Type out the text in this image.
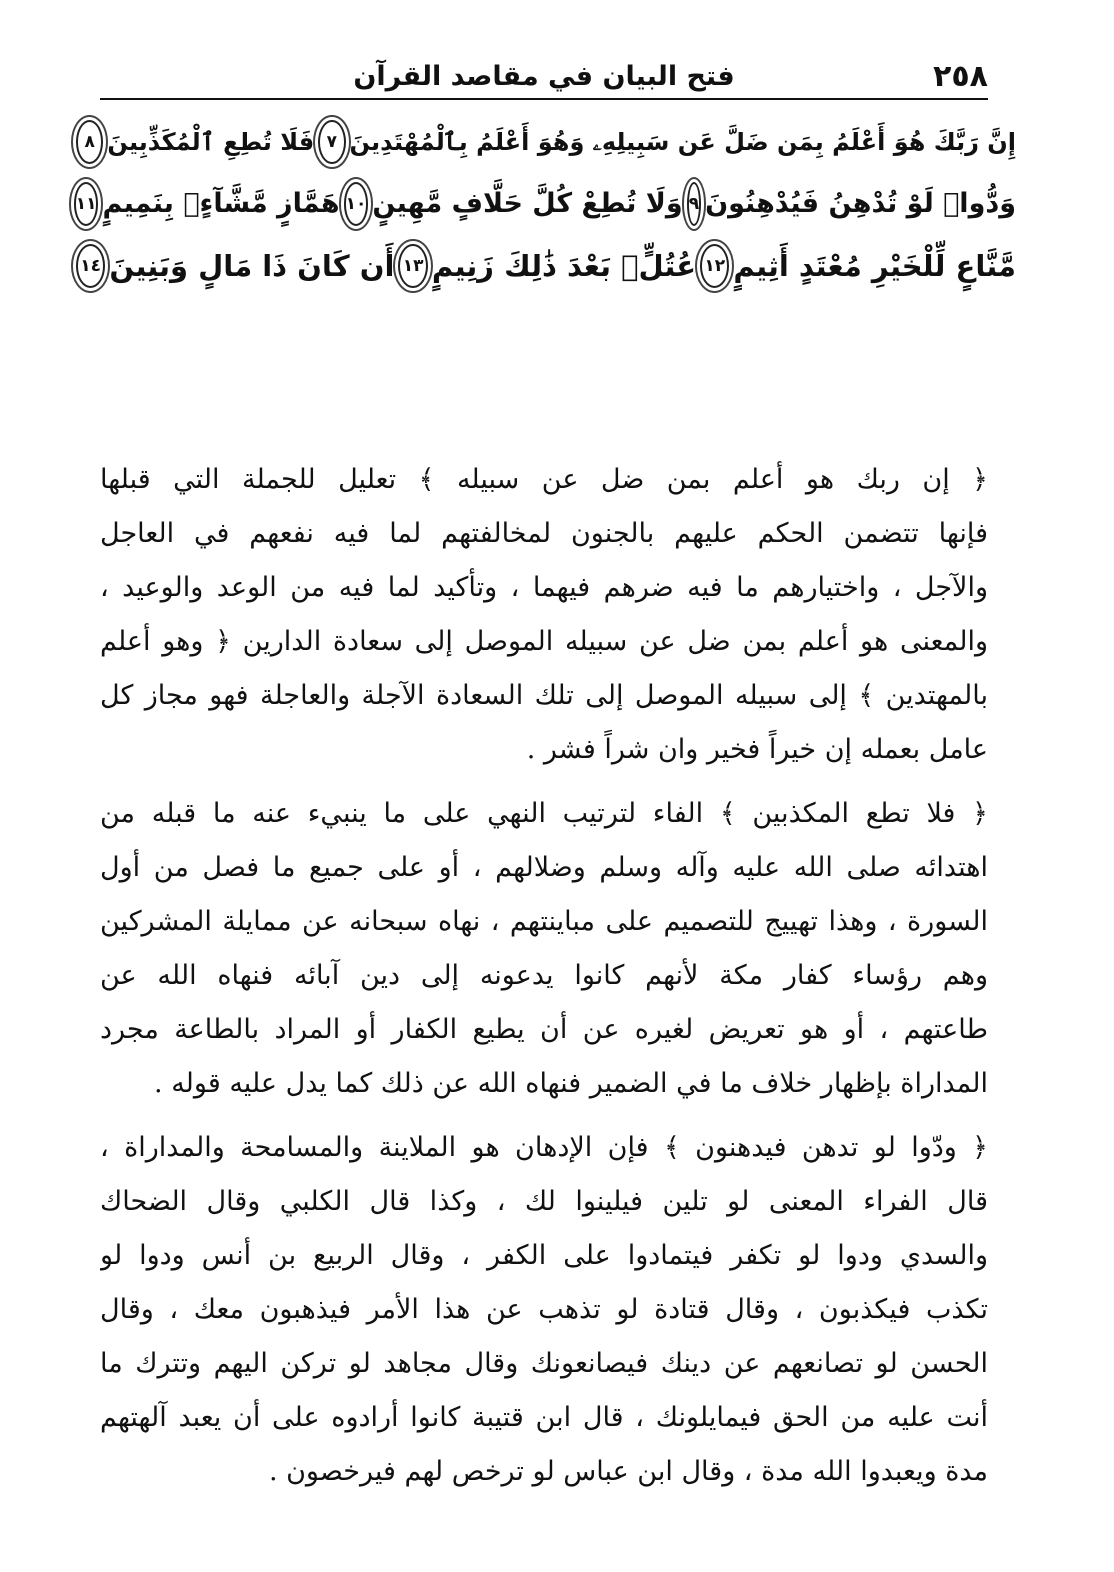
٢٥٨
فتح البيان في مقاصد القرآن
إِنَّ رَبَّكَ هُوَ أَعْلَمُ بِمَن ضَلَّ عَن سَبِيلِهِۦ وَهُوَ أَعْلَمُ بِٱلْمُهْتَدِينَ
٧
فَلَا تُطِعِ ٱلْمُكَذِّبِينَ
٨
وَدُّوا۟ لَوْ تُدْهِنُ فَيُدْهِنُونَ
٩
وَلَا تُطِعْ كُلَّ حَلَّافٍ مَّهِينٍ
١٠
هَمَّازٍ مَّشَّآءٍۭ بِنَمِيمٍ
١١
مَّنَّاعٍ لِّلْخَيْرِ مُعْتَدٍ أَثِيمٍ
١٢
عُتُلٍّۭ بَعْدَ ذَٰلِكَ زَنِيمٍ
١٣
أَن كَانَ ذَا مَالٍ وَبَنِينَ
١٤
﴿ إن ربك هو أعلم بمن ضل عن سبيله ﴾ تعليل للجملة التي قبلها
فإنها تتضمن الحكم عليهم بالجنون لمخالفتهم لما فيه نفعهم في العاجل
والآجل ، واختيارهم ما فيه ضرهم فيهما ، وتأكيد لما فيه من الوعد والوعيد ،
والمعنى هو أعلم بمن ضل عن سبيله الموصل إلى سعادة الدارين ﴿ وهو أعلم
بالمهتدين ﴾ إلى سبيله الموصل إلى تلك السعادة الآجلة والعاجلة فهو مجاز كل
عامل بعمله إن خيراً فخير وان شراً فشر .
﴿ فلا تطع المكذبين ﴾ الفاء لترتيب النهي على ما ينبيء عنه ما قبله من
اهتدائه صلى الله عليه وآله وسلم وضلالهم ، أو على جميع ما فصل من أول
السورة ، وهذا تهييج للتصميم على مباينتهم ، نهاه سبحانه عن ممايلة المشركين
وهم رؤساء كفار مكة لأنهم كانوا يدعونه إلى دين آبائه فنهاه الله عن
طاعتهم ، أو هو تعريض لغيره عن أن يطيع الكفار أو المراد بالطاعة مجرد
المداراة بإظهار خلاف ما في الضمير فنهاه الله عن ذلك كما يدل عليه قوله .
﴿ ودّوا لو تدهن فيدهنون ﴾ فإن الإدهان هو الملاينة والمسامحة والمداراة ،
قال الفراء المعنى لو تلين فيلينوا لك ، وكذا قال الكلبي وقال الضحاك
والسدي ودوا لو تكفر فيتمادوا على الكفر ، وقال الربيع بن أنس ودوا لو
تكذب فيكذبون ، وقال قتادة لو تذهب عن هذا الأمر فيذهبون معك ، وقال
الحسن لو تصانعهم عن دينك فيصانعونك وقال مجاهد لو تركن اليهم وتترك ما
أنت عليه من الحق فيمايلونك ، قال ابن قتيبة كانوا أرادوه على أن يعبد آلهتهم
مدة ويعبدوا الله مدة ، وقال ابن عباس لو ترخص لهم فيرخصون .
